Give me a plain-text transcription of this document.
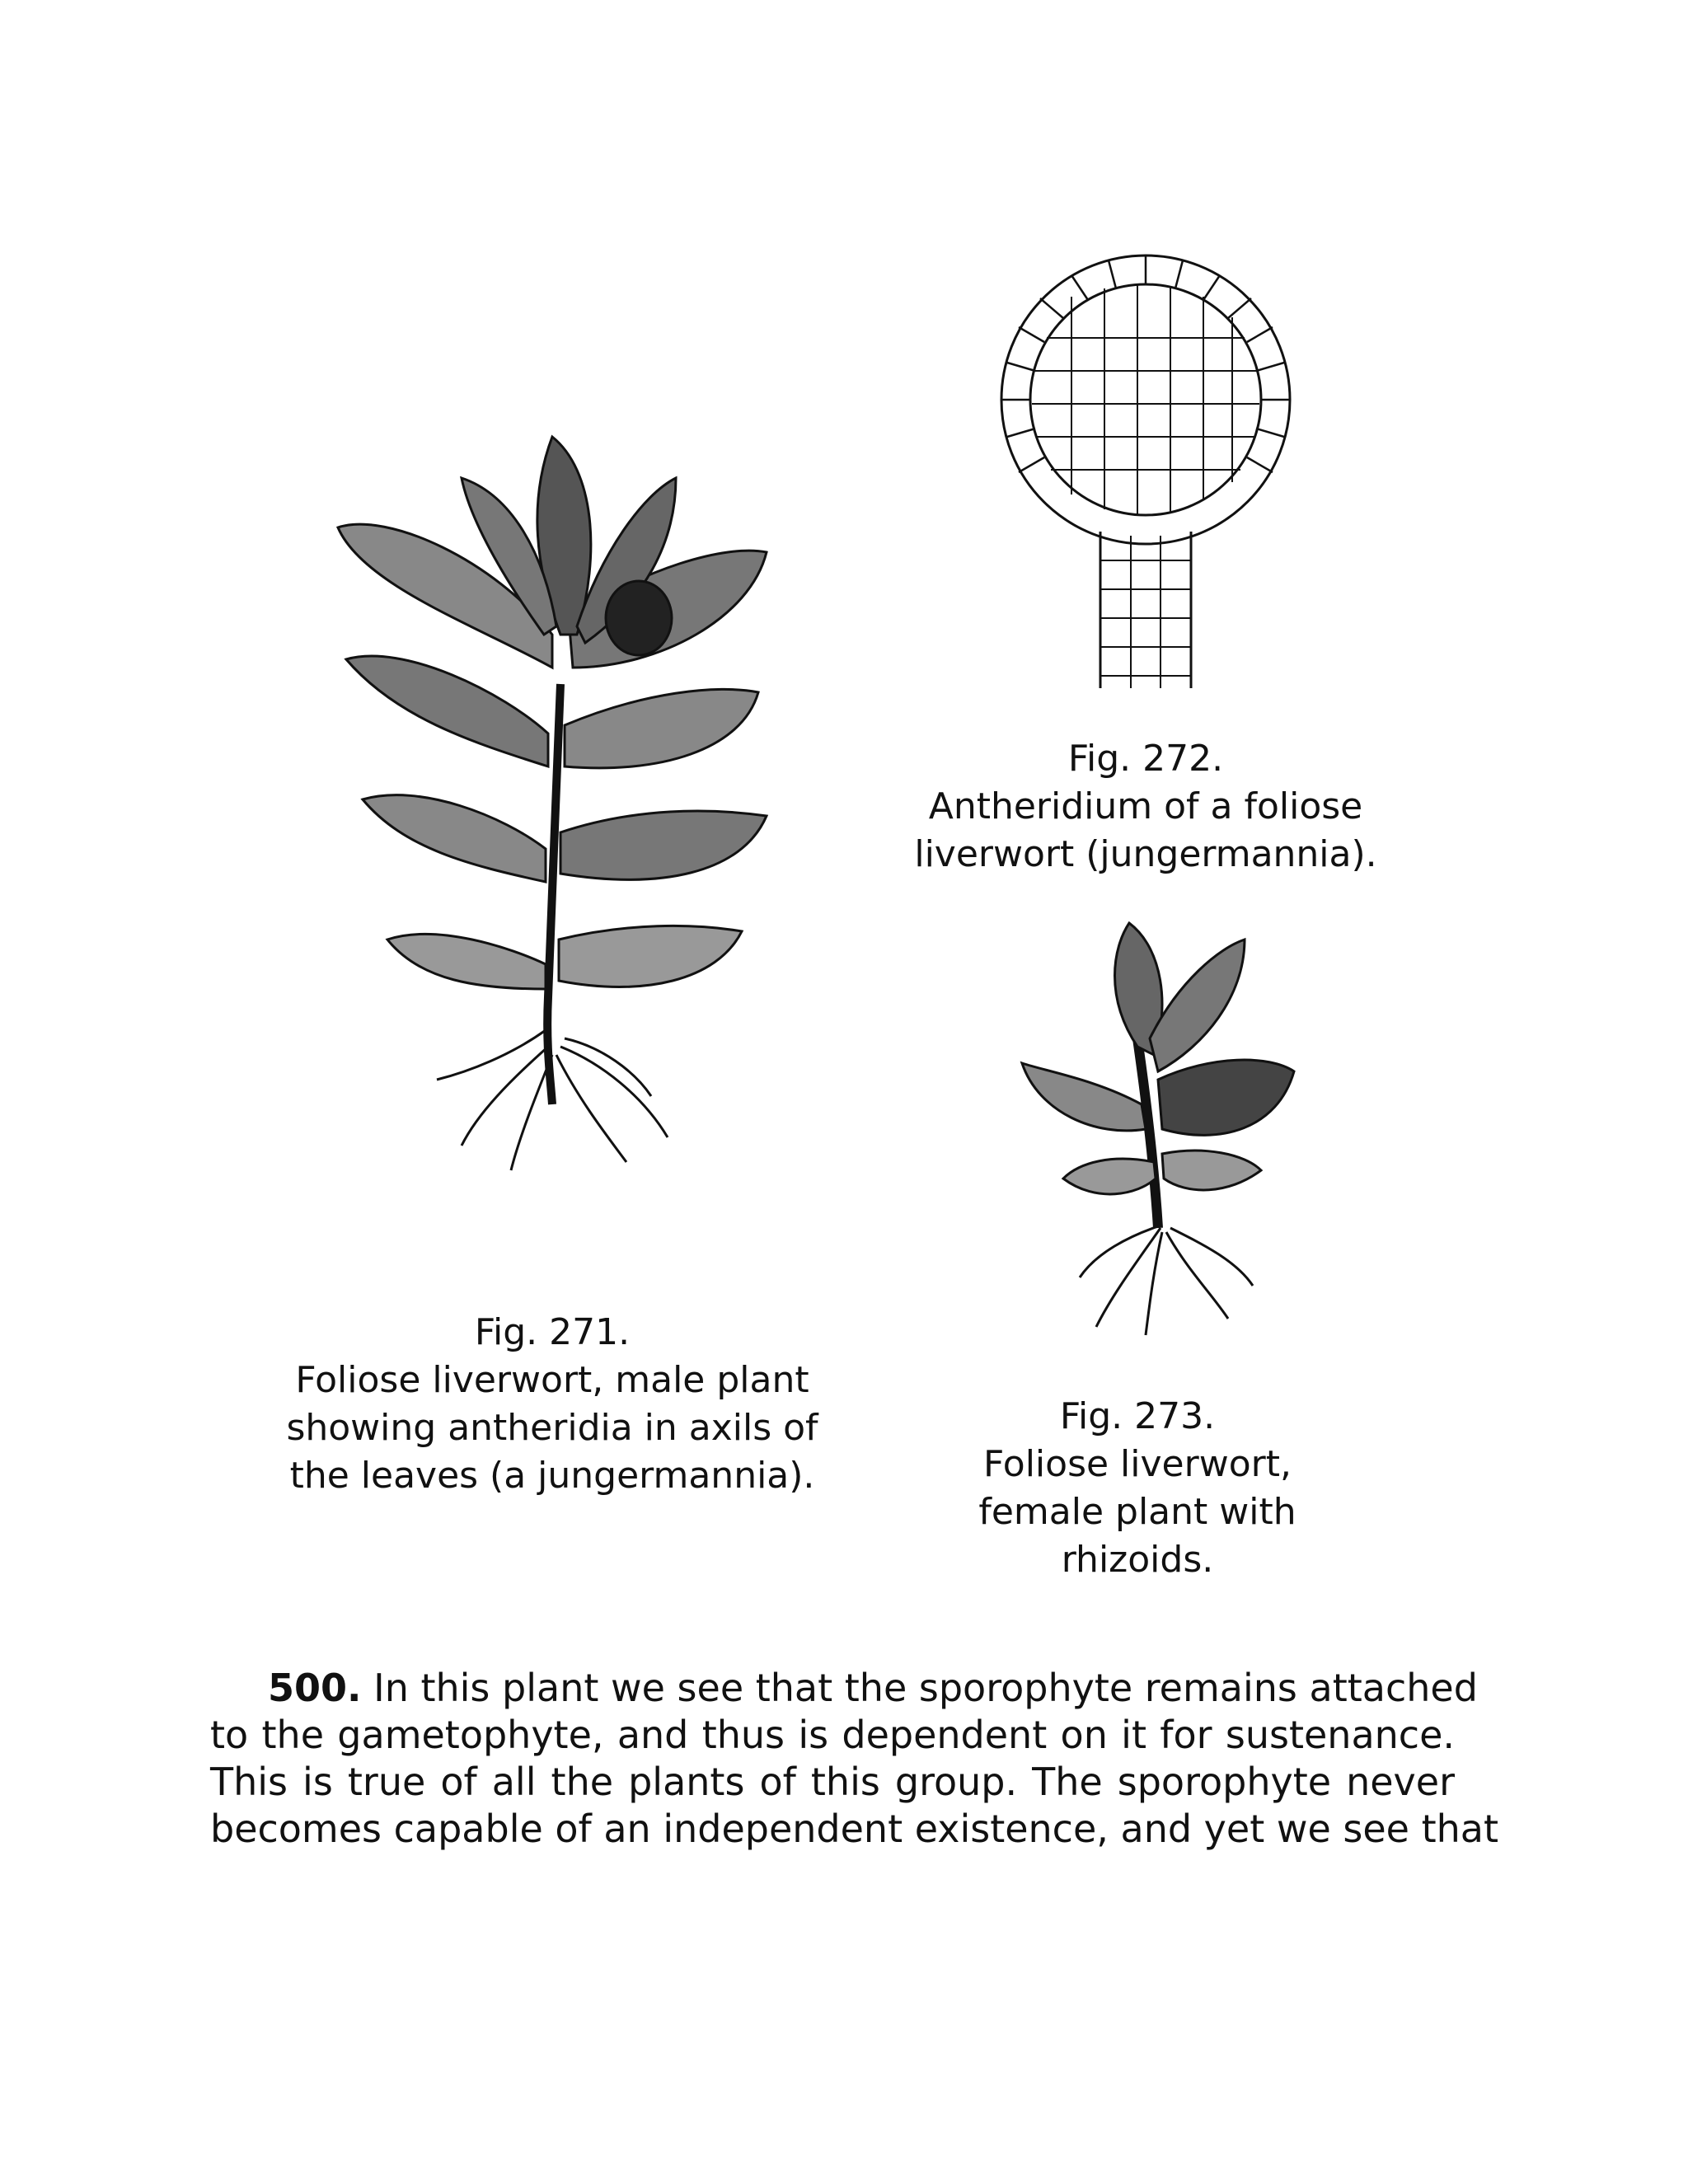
Fig. 272.
Antheridium of a foliose
liverwort (jungermannia).
Fig. 271.
Foliose liverwort, male plant
showing antheridia in axils of
the leaves (a jungermannia).
Fig. 273.
Foliose liverwort,
female plant with
rhizoids.
500. In this plant we see that the sporophyte remains attached
to the gametophyte, and thus is dependent on it for sustenance.
This is true of all the plants of this group. The sporophyte never
becomes capable of an independent existence, and yet we see that
